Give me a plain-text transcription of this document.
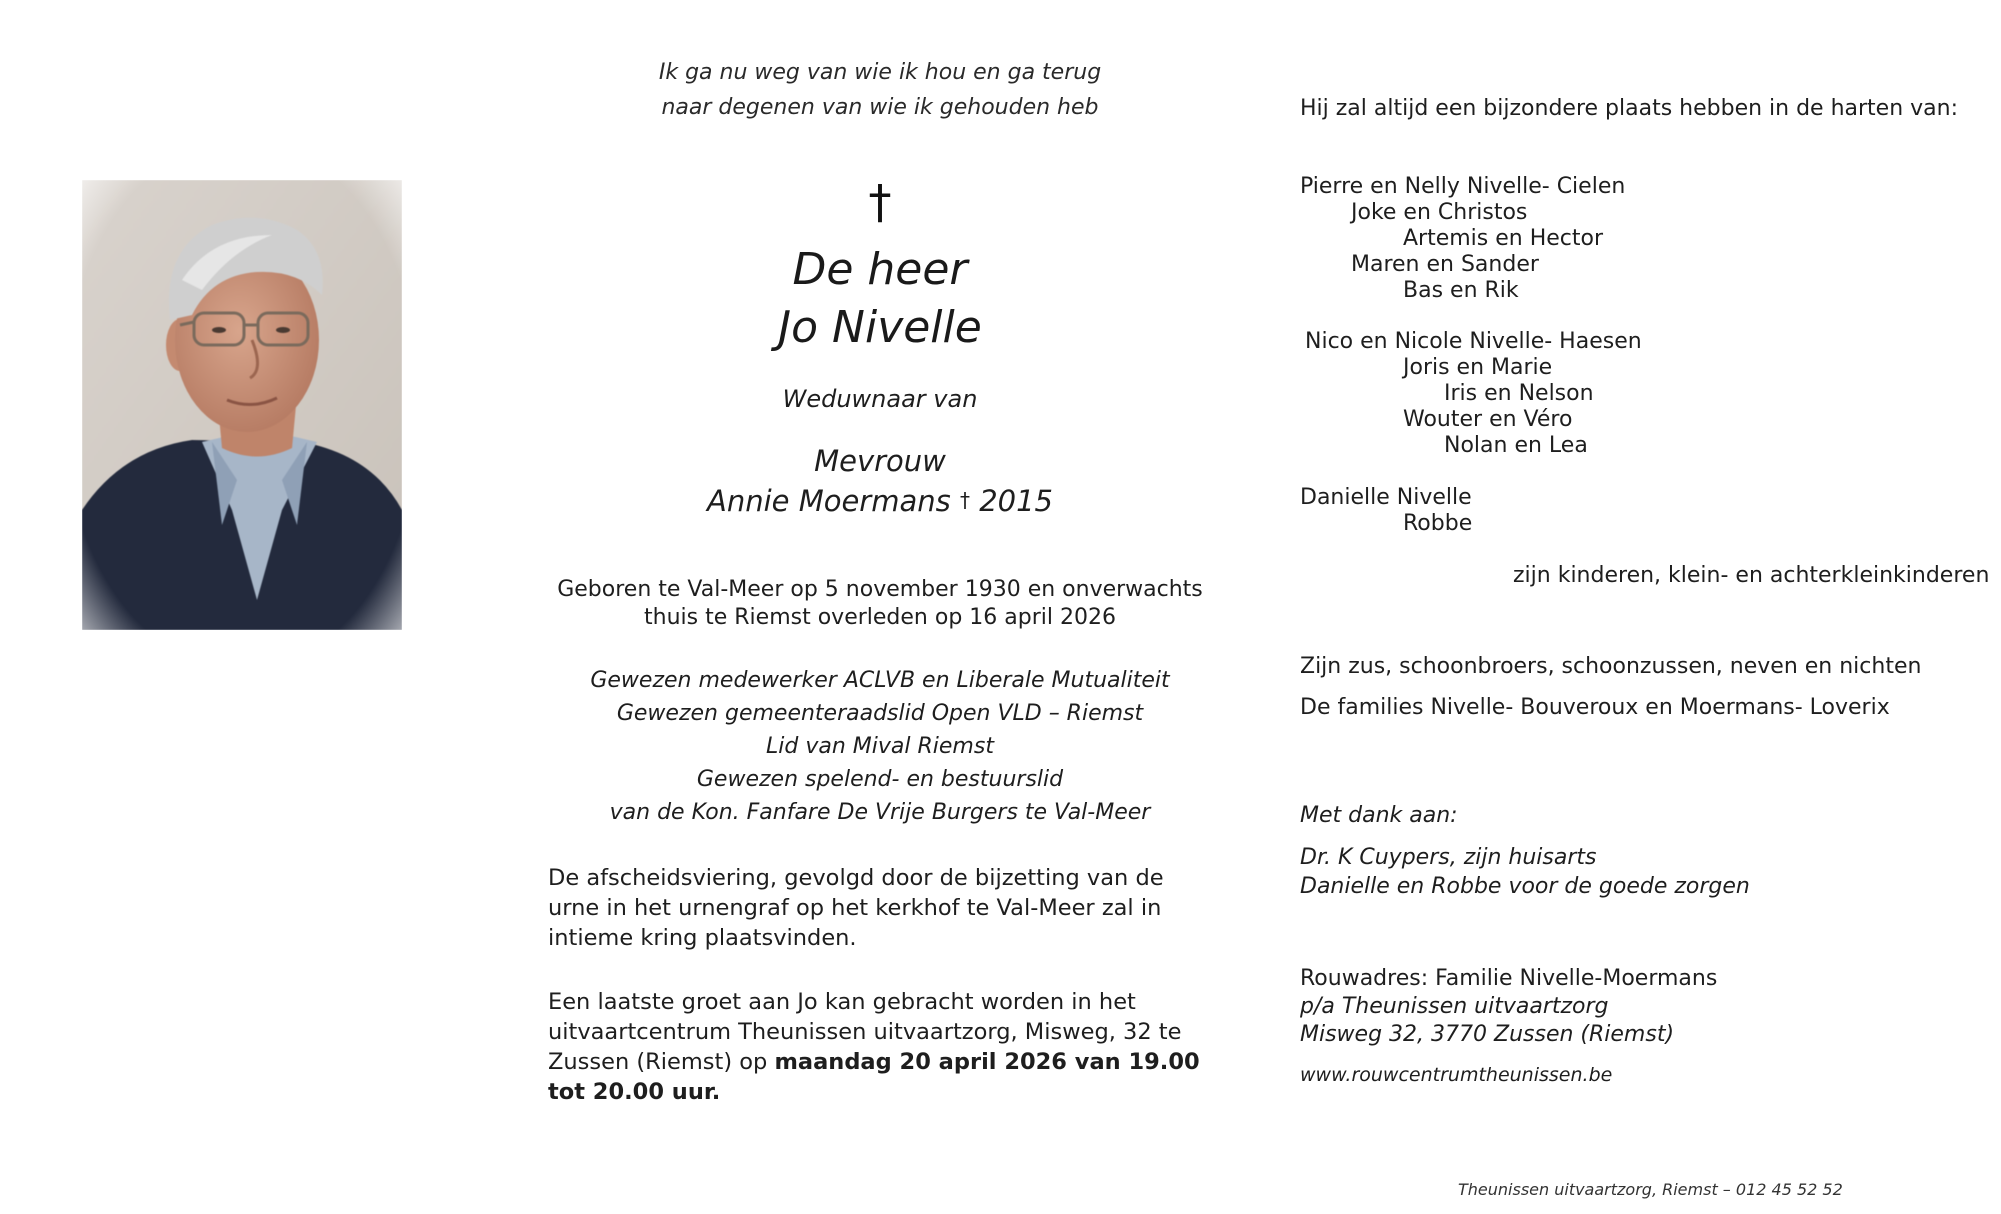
Ik ga nu weg van wie ik hou en ga terug
naar degenen van wie ik gehouden heb
†
De heer
Jo Nivelle
Weduwnaar van
Mevrouw
Annie Moermans † 2015
Geboren te Val-Meer op 5 november 1930 en onverwachts
thuis te Riemst overleden op 16 april 2026
Gewezen medewerker ACLVB en Liberale Mutualiteit
Gewezen gemeenteraadslid Open VLD – Riemst
Lid van Mival Riemst
Gewezen spelend- en bestuurslid
van de Kon. Fanfare De Vrije Burgers te Val-Meer
De afscheidsviering, gevolgd door de bijzetting van de urne in het urnengraf op het kerkhof te Val-Meer zal in intieme kring plaatsvinden.
Een laatste groet aan Jo kan gebracht worden in het uitvaartcentrum Theunissen uitvaartzorg, Misweg, 32 te Zussen (Riemst) op maandag 20 april 2026 van 19.00 tot 20.00 uur.
Hij zal altijd een bijzondere plaats hebben in de harten van:
Pierre en Nelly Nivelle- Cielen
Joke en Christos
Artemis en Hector
Maren en Sander
Bas en Rik
Nico en Nicole Nivelle- Haesen
Joris en Marie
Iris en Nelson
Wouter en Véro
Nolan en Lea
Danielle Nivelle
Robbe
zijn kinderen, klein- en achterkleinkinderen
Zijn zus, schoonbroers, schoonzussen, neven en nichten
De families Nivelle- Bouveroux en Moermans- Loverix
Met dank aan:
Dr. K Cuypers, zijn huisarts
Danielle en Robbe voor de goede zorgen
Rouwadres: Familie Nivelle-Moermans
p/a Theunissen uitvaartzorg
Misweg 32, 3770 Zussen (Riemst)
www.rouwcentrumtheunissen.be
Theunissen uitvaartzorg, Riemst – 012 45 52 52
